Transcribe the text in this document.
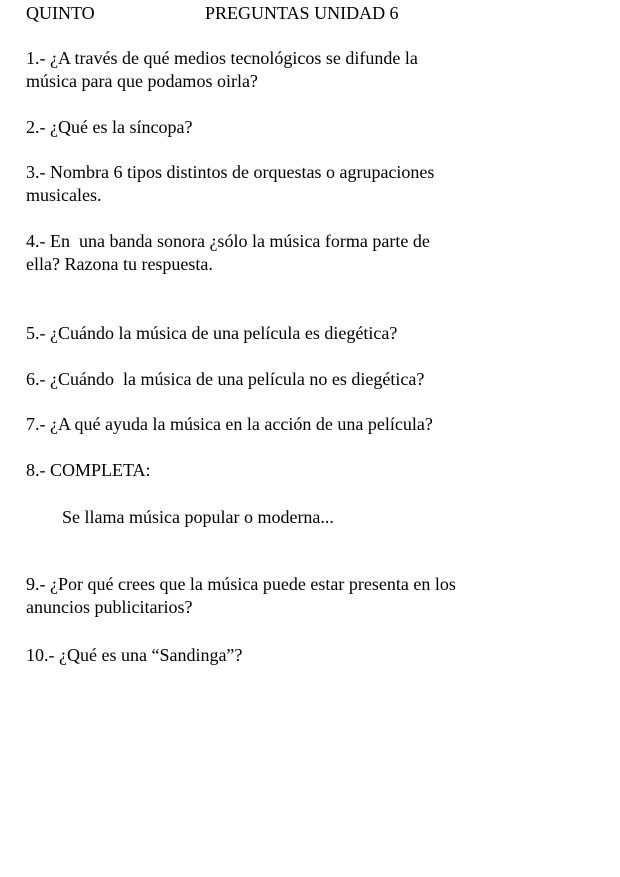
QUINTO	PREGUNTAS UNIDAD 6

1.- ¿A través de qué medios tecnológicos se difunde la

música para que podamos oirla?

2.- ¿Qué es la síncopa?

3.- Nombra 6 tipos distintos de orquestas o agrupaciones

musicales.

4.- En  una banda sonora ¿sólo la música forma parte de

ella? Razona tu respuesta.

5.- ¿Cuándo la música de una película es diegética?

6.- ¿Cuándo  la música de una película no es diegética?

7.- ¿A qué ayuda la música en la acción de una película?

8.- COMPLETA:

Se llama música popular o moderna...

9.- ¿Por qué crees que la música puede estar presenta en los

anuncios publicitarios?

10.- ¿Qué es una “Sandinga”?
